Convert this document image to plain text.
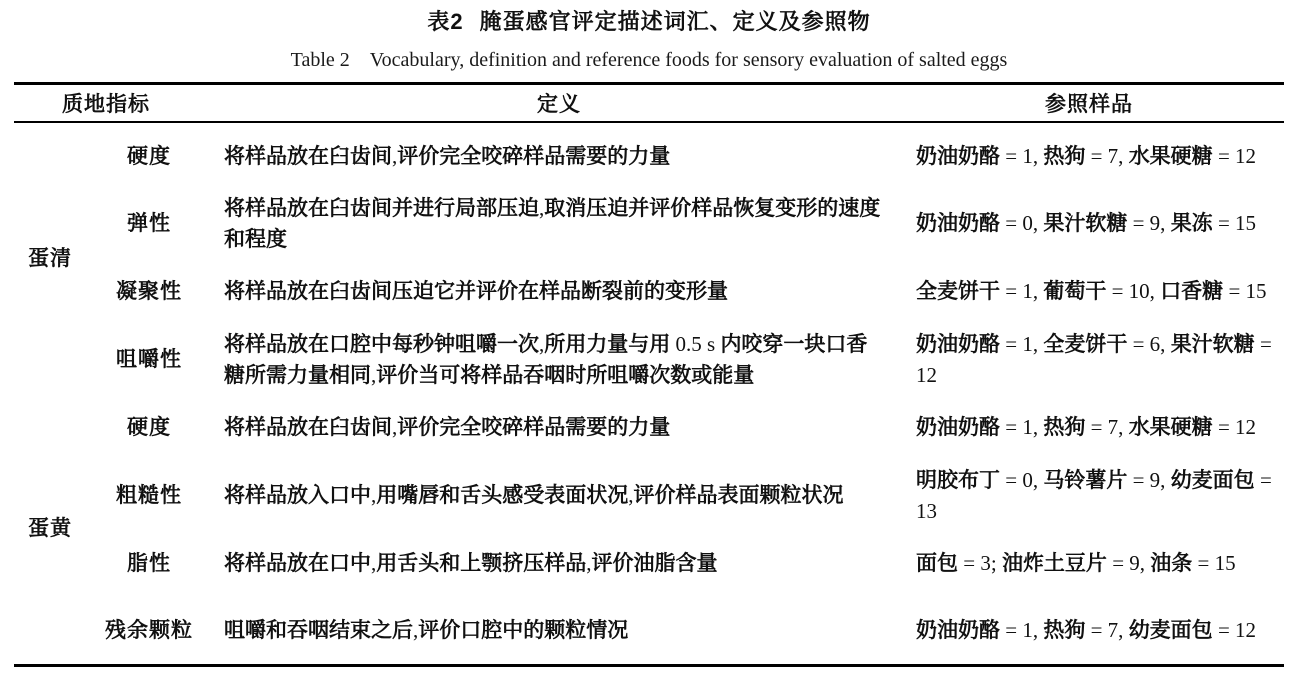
表2 腌蛋感官评定描述词汇、定义及参照物
Table 2 Vocabulary, definition and reference foods for sensory evaluation of salted eggs
质地指标		定义	参照样品
蛋清	硬度	将样品放在臼齿间,评价完全咬碎样品需要的力量	奶油奶酪 = 1, 热狗 = 7, 水果硬糖 = 12
	弹性	将样品放在臼齿间并进行局部压迫,取消压迫并评价样品恢复变形的速度和程度	奶油奶酪 = 0, 果汁软糖 = 9, 果冻 = 15
	凝聚性	将样品放在臼齿间压迫它并评价在样品断裂前的变形量	全麦饼干 = 1, 葡萄干 = 10, 口香糖 = 15
	咀嚼性	将样品放在口腔中每秒钟咀嚼一次,所用力量与用 0.5 s 内咬穿一块口香糖所需力量相同,评价当可将样品吞咽时所咀嚼次数或能量	奶油奶酪 = 1, 全麦饼干 = 6, 果汁软糖 = 12
蛋黄	硬度	将样品放在臼齿间,评价完全咬碎样品需要的力量	奶油奶酪 = 1, 热狗 = 7, 水果硬糖 = 12
	粗糙性	将样品放入口中,用嘴唇和舌头感受表面状况,评价样品表面颗粒状况	明胶布丁 = 0, 马铃薯片 = 9, 幼麦面包 = 13
	脂性	将样品放在口中,用舌头和上颚挤压样品,评价油脂含量	面包 = 3; 油炸土豆片 = 9, 油条 = 15
	残余颗粒	咀嚼和吞咽结束之后,评价口腔中的颗粒情况	奶油奶酪 = 1, 热狗 = 7, 幼麦面包 = 12
